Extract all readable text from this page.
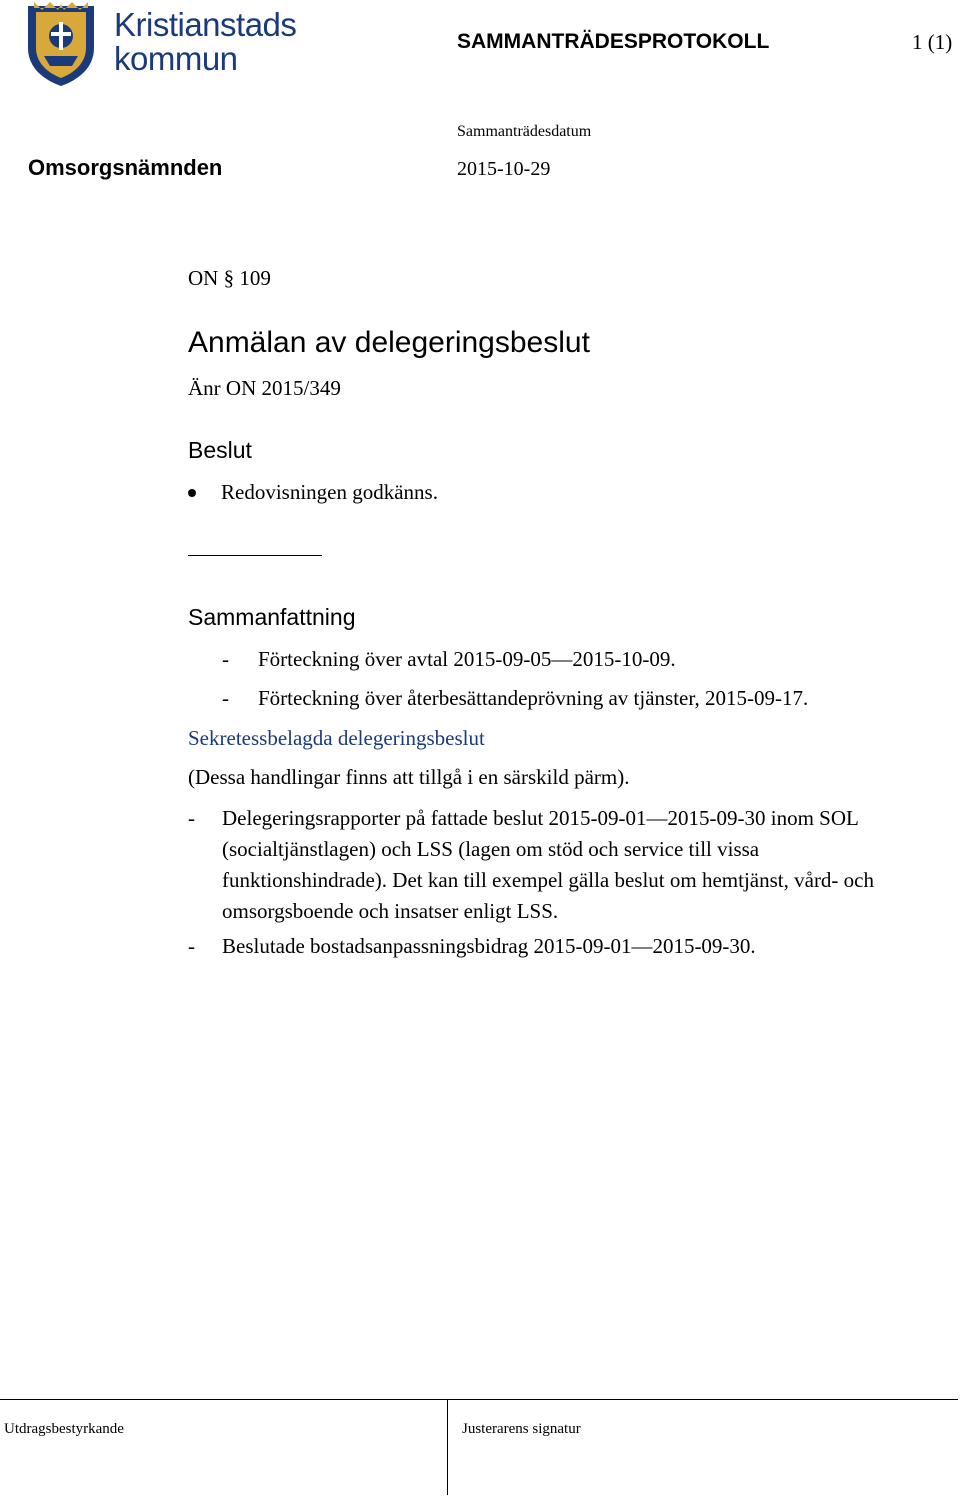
Kristianstads
kommun	SAMMANTRÄDESPROTOKOLL	1 (1)
Sammanträdesdatum
Omsorgsnämnden	2015-10-29
ON § 109
Anmälan av delegeringsbeslut
Änr ON 2015/349
Beslut
Redovisningen godkänns.
Sammanfattning
- Förteckning över avtal 2015-09-05—2015-10-09.
- Förteckning över återbesättandeprövning av tjänster, 2015-09-17.
Sekretessbelagda delegeringsbeslut
(Dessa handlingar finns att tillgå i en särskild pärm).
- Delegeringsrapporter på fattade beslut 2015-09-01—2015-09-30 inom SOL (socialtjänstlagen) och LSS (lagen om stöd och service till vissa funktionshindrade). Det kan till exempel gälla beslut om hemtjänst, vård- och omsorgsboende och insatser enligt LSS.
- Beslutade bostadsanpassningsbidrag 2015-09-01—2015-09-30.
Utdragsbestyrkande	Justerarens signatur
